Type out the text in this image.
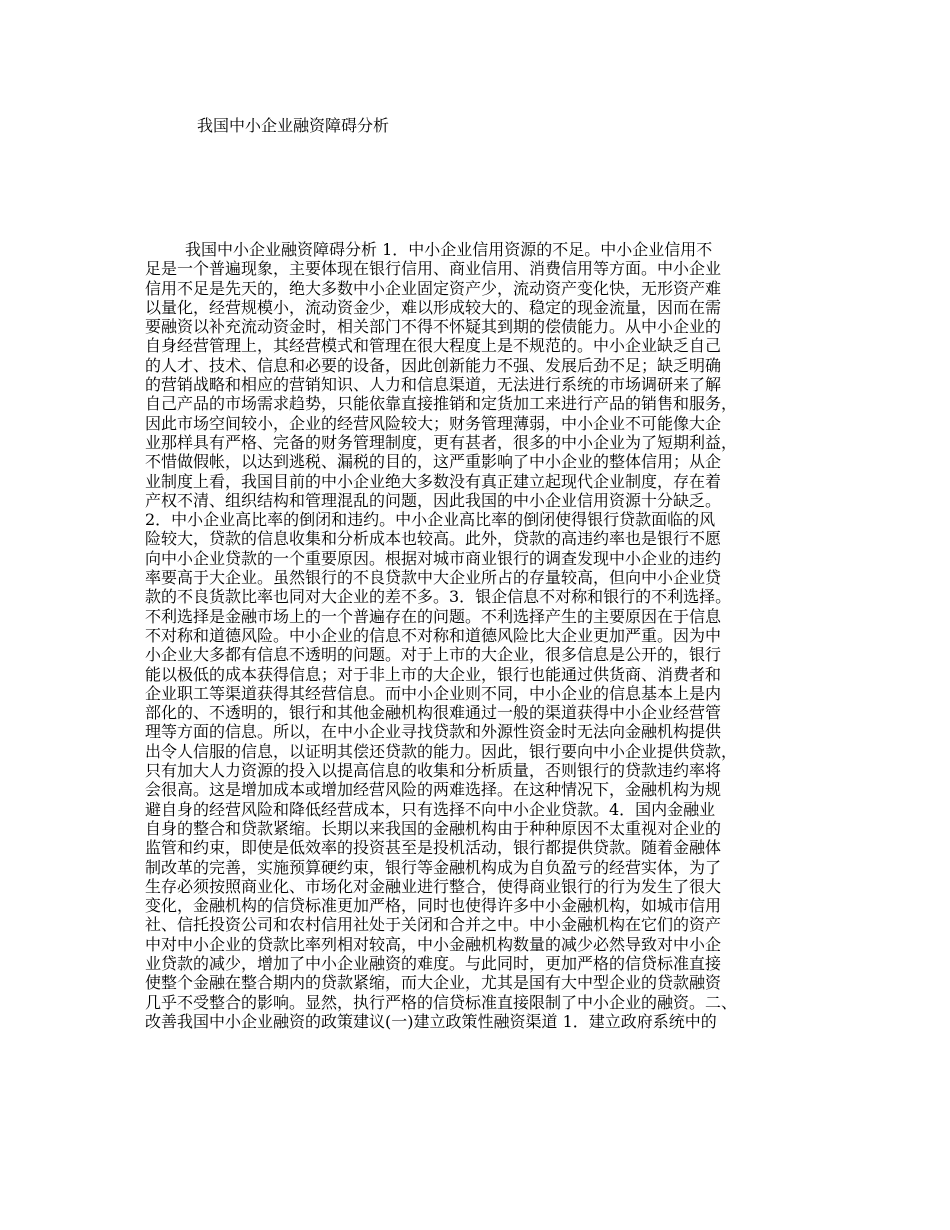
我国中小企业融资障碍分析
我国中小企业融资障碍分析 1．中小企业信用资源的不足。中小企业信用不
足是一个普遍现象，主要体现在银行信用、商业信用、消费信用等方面。中小企业
信用不足是先天的，绝大多数中小企业固定资产少，流动资产变化快，无形资产难
以量化，经营规模小，流动资金少，难以形成较大的、稳定的现金流量，因而在需
要融资以补充流动资金时，相关部门不得不怀疑其到期的偿债能力。从中小企业的
自身经营管理上，其经营模式和管理在很大程度上是不规范的。中小企业缺乏自己
的人才、技术、信息和必要的设备，因此创新能力不强、发展后劲不足；缺乏明确
的营销战略和相应的营销知识、人力和信息渠道，无法进行系统的市场调研来了解
自己产品的市场需求趋势，只能依靠直接推销和定货加工来进行产品的销售和服务，
因此市场空间较小，企业的经营风险较大；财务管理薄弱，中小企业不可能像大企
业那样具有严格、完备的财务管理制度，更有甚者，很多的中小企业为了短期利益，
不惜做假帐，以达到逃税、漏税的目的，这严重影响了中小企业的整体信用；从企
业制度上看，我国目前的中小企业绝大多数没有真正建立起现代企业制度，存在着
产权不清、组织结构和管理混乱的问题，因此我国的中小企业信用资源十分缺乏。
2．中小企业高比率的倒闭和违约。中小企业高比率的倒闭使得银行贷款面临的风
险较大，贷款的信息收集和分析成本也较高。此外，贷款的高违约率也是银行不愿
向中小企业贷款的一个重要原因。根据对城市商业银行的调查发现中小企业的违约
率要高于大企业。虽然银行的不良贷款中大企业所占的存量较高，但向中小企业贷
款的不良货款比率也同对大企业的差不多。3．银企信息不对称和银行的不利选择。
不利选择是金融市场上的一个普遍存在的问题。不利选择产生的主要原因在于信息
不对称和道德风险。中小企业的信息不对称和道德风险比大企业更加严重。因为中
小企业大多都有信息不透明的问题。对于上市的大企业，很多信息是公开的，银行
能以极低的成本获得信息；对于非上市的大企业，银行也能通过供货商、消费者和
企业职工等渠道获得其经营信息。而中小企业则不同，中小企业的信息基本上是内
部化的、不透明的，银行和其他金融机构很难通过一般的渠道获得中小企业经营管
理等方面的信息。所以，在中小企业寻找贷款和外源性资金时无法向金融机构提供
出令人信服的信息，以证明其偿还贷款的能力。因此，银行要向中小企业提供贷款，
只有加大人力资源的投入以提高信息的收集和分析质量，否则银行的贷款违约率将
会很高。这是增加成本或增加经营风险的两难选择。在这种情况下，金融机构为规
避自身的经营风险和降低经营成本，只有选择不向中小企业贷款。4．国内金融业
自身的整合和贷款紧缩。长期以来我国的金融机构由于种种原因不太重视对企业的
监管和约束，即使是低效率的投资甚至是投机活动，银行都提供贷款。随着金融体
制改革的完善，实施预算硬约束，银行等金融机构成为自负盈亏的经营实体，为了
生存必须按照商业化、市场化对金融业进行整合，使得商业银行的行为发生了很大
变化，金融机构的信贷标准更加严格，同时也使得许多中小金融机构，如城市信用
社、信托投资公司和农村信用社处于关闭和合并之中。中小金融机构在它们的资产
中对中小企业的贷款比率列相对较高，中小金融机构数量的减少必然导致对中小企
业贷款的减少，增加了中小企业融资的难度。与此同时，更加严格的信贷标准直接
使整个金融在整合期内的贷款紧缩，而大企业，尤其是国有大中型企业的贷款融资
几乎不受整合的影响。显然，执行严格的信贷标准直接限制了中小企业的融资。二、
改善我国中小企业融资的政策建议(一)建立政策性融资渠道 1．建立政府系统中的
